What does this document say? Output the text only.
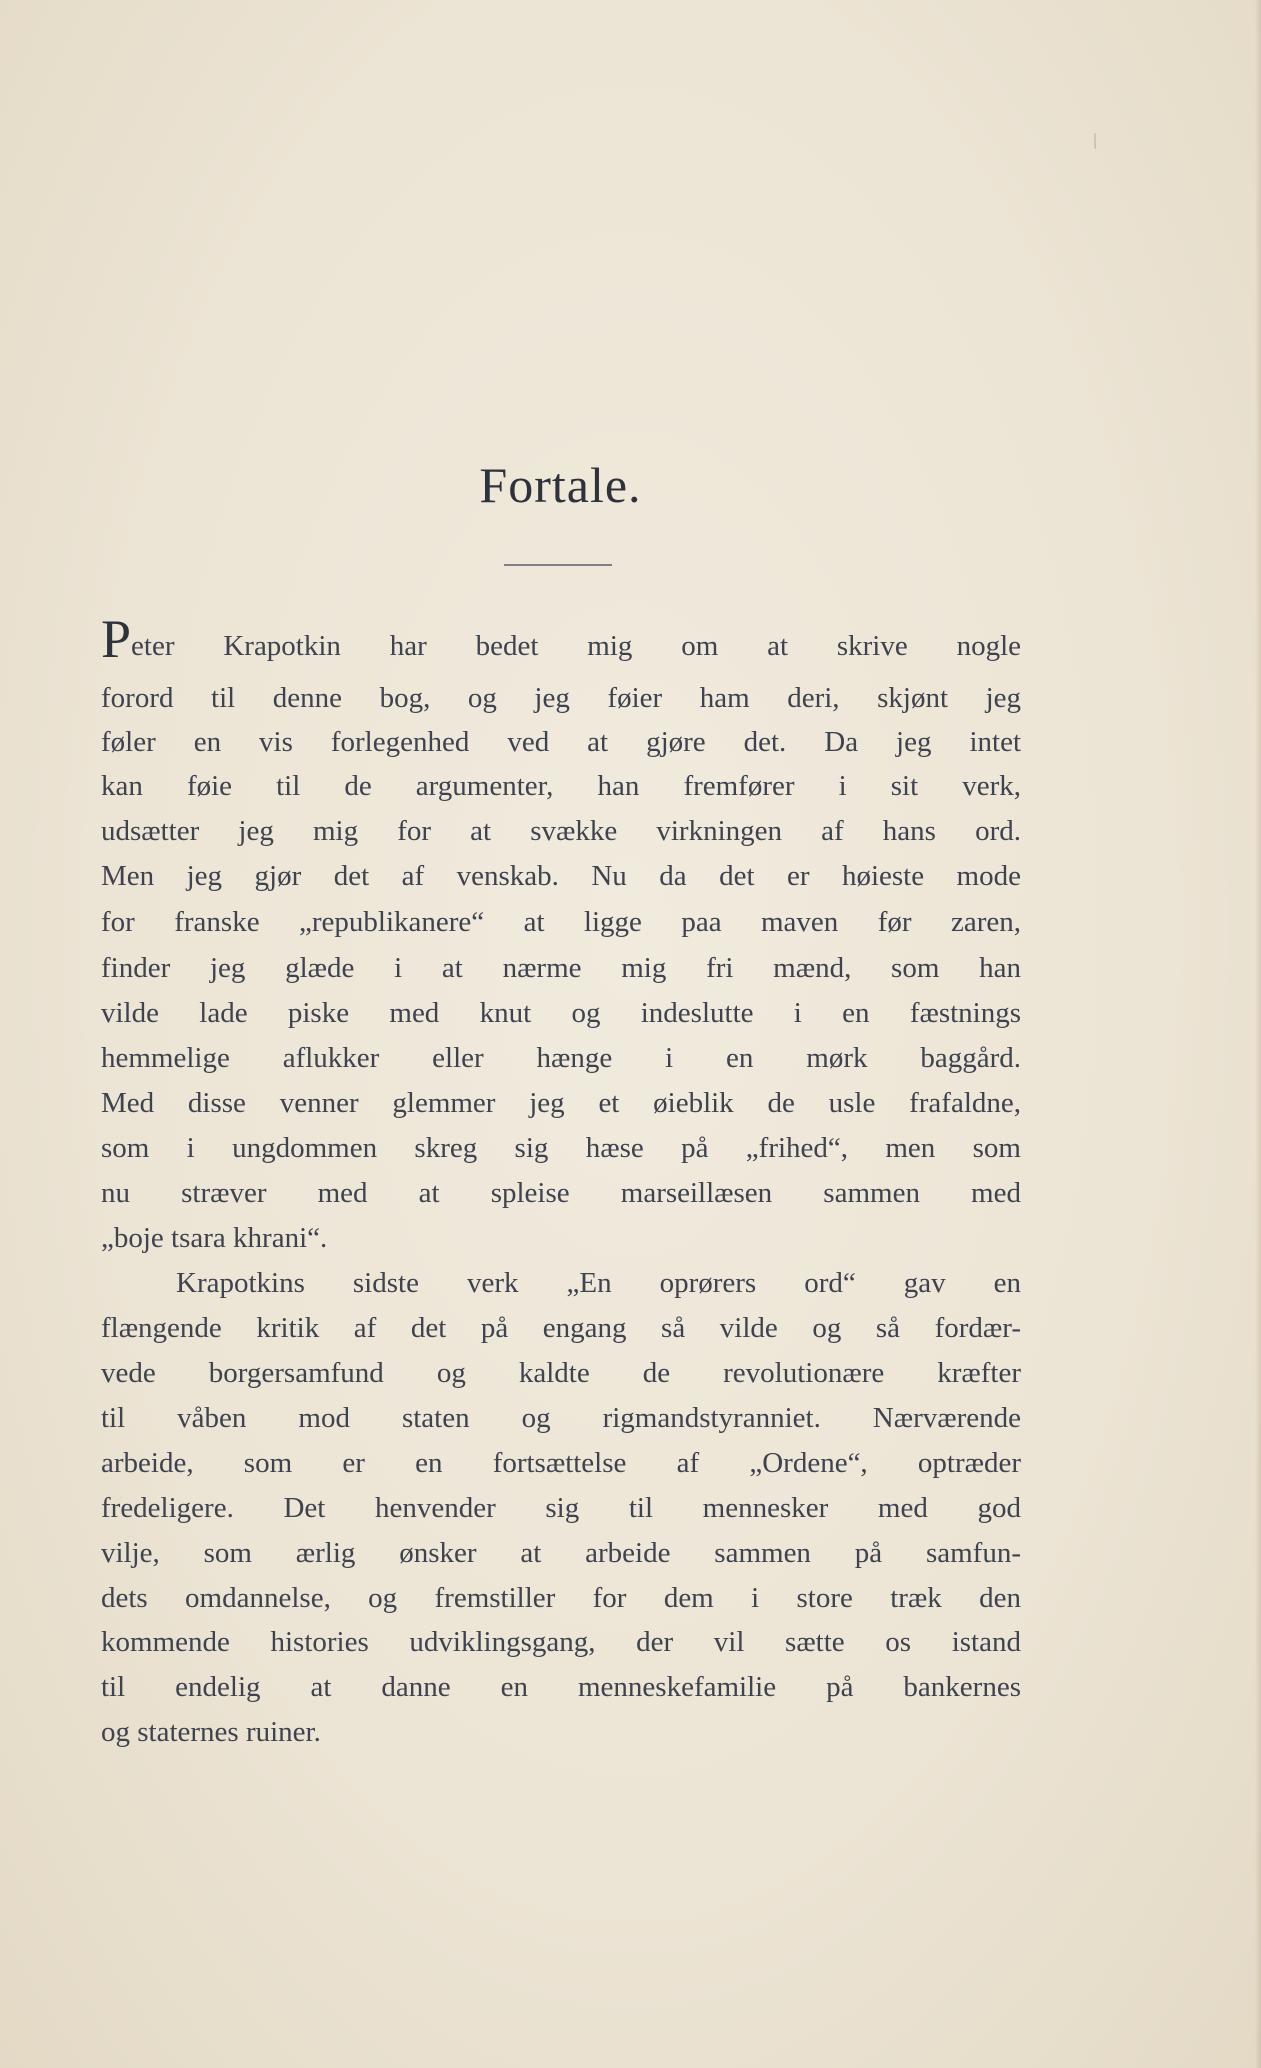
/
Fortale.
Peter Krapotkin har bedet mig om at skrive nogle
forord til denne bog, og jeg føier ham deri, skjønt jeg
føler en vis forlegenhed ved at gjøre det. Da jeg intet
kan føie til de argumenter, han fremfører i sit verk,
udsætter jeg mig for at svække virkningen af hans ord.
Men jeg gjør det af venskab. Nu da det er høieste mode
for franske „republikanere“ at ligge paa maven før zaren,
finder jeg glæde i at nærme mig fri mænd, som han
vilde lade piske med knut og indeslutte i en fæstnings
hemmelige aflukker eller hænge i en mørk baggård.
Med disse venner glemmer jeg et øieblik de usle frafaldne,
som i ungdommen skreg sig hæse på „frihed“, men som
nu stræver med at spleise marseillæsen sammen med
„boje tsara khrani“.
Krapotkins sidste verk „En oprørers ord“ gav en
flængende kritik af det på engang så vilde og så fordær-
vede borgersamfund og kaldte de revolutionære kræfter
til våben mod staten og rigmandstyranniet. Nærværende
arbeide, som er en fortsættelse af „Ordene“, optræder
fredeligere. Det henvender sig til mennesker med god
vilje, som ærlig ønsker at arbeide sammen på samfun-
dets omdannelse, og fremstiller for dem i store træk den
kommende histories udviklingsgang, der vil sætte os istand
til endelig at danne en menneskefamilie på bankernes
og staternes ruiner.
